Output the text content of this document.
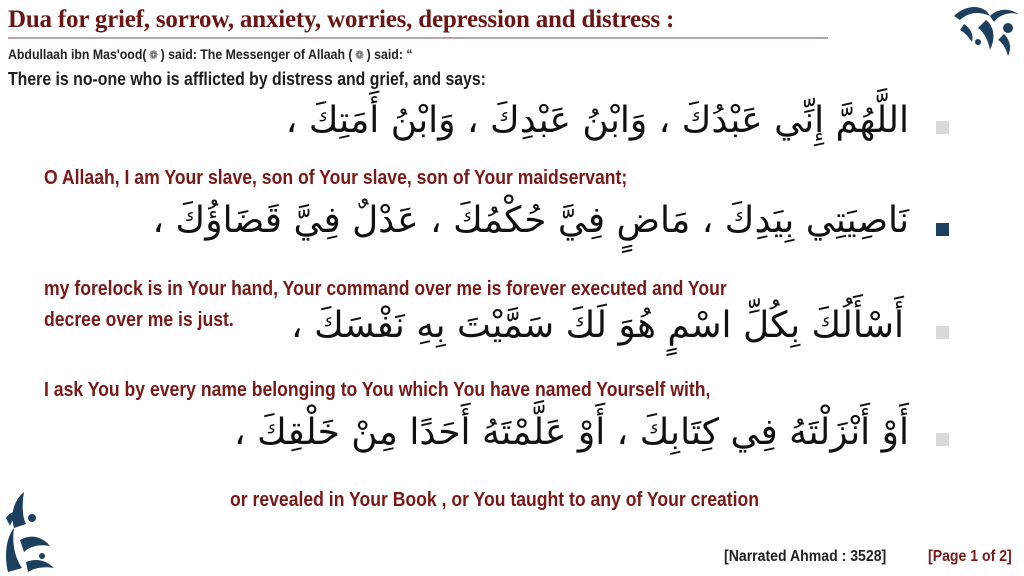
Dua for grief, sorrow, anxiety, worries, depression and distress :
Abdullaah ibn Mas'ood( ❁ ) said: The Messenger of Allaah ( ❁ ) said: “
There is no-one who is afflicted by distress and grief, and says:
اللَّهُمَّ إِنِّي عَبْدُكَ ، وَابْنُ عَبْدِكَ ، وَابْنُ أَمَتِكَ ،
O Allaah, I am Your slave, son of Your slave, son of Your maidservant;
نَاصِيَتِي بِيَدِكَ ، مَاضٍ فِيَّ حُكْمُكَ ، عَدْلٌ فِيَّ قَضَاؤُكَ ،
my forelock is in Your hand, Your command over me is forever executed and Your
decree over me is just. أَسْأَلُكَ بِكُلِّ اسْمٍ هُوَ لَكَ سَمَّيْتَ بِهِ نَفْسَكَ ،
I ask You by every name belonging to You which You have named Yourself with,
أَوْ أَنْزَلْتَهُ فِي كِتَابِكَ ، أَوْ عَلَّمْتَهُ أَحَدًا مِنْ خَلْقِكَ ،
or revealed in Your Book , or You taught to any of Your creation
[Narrated Ahmad : 3528]	[Page 1 of 2]
